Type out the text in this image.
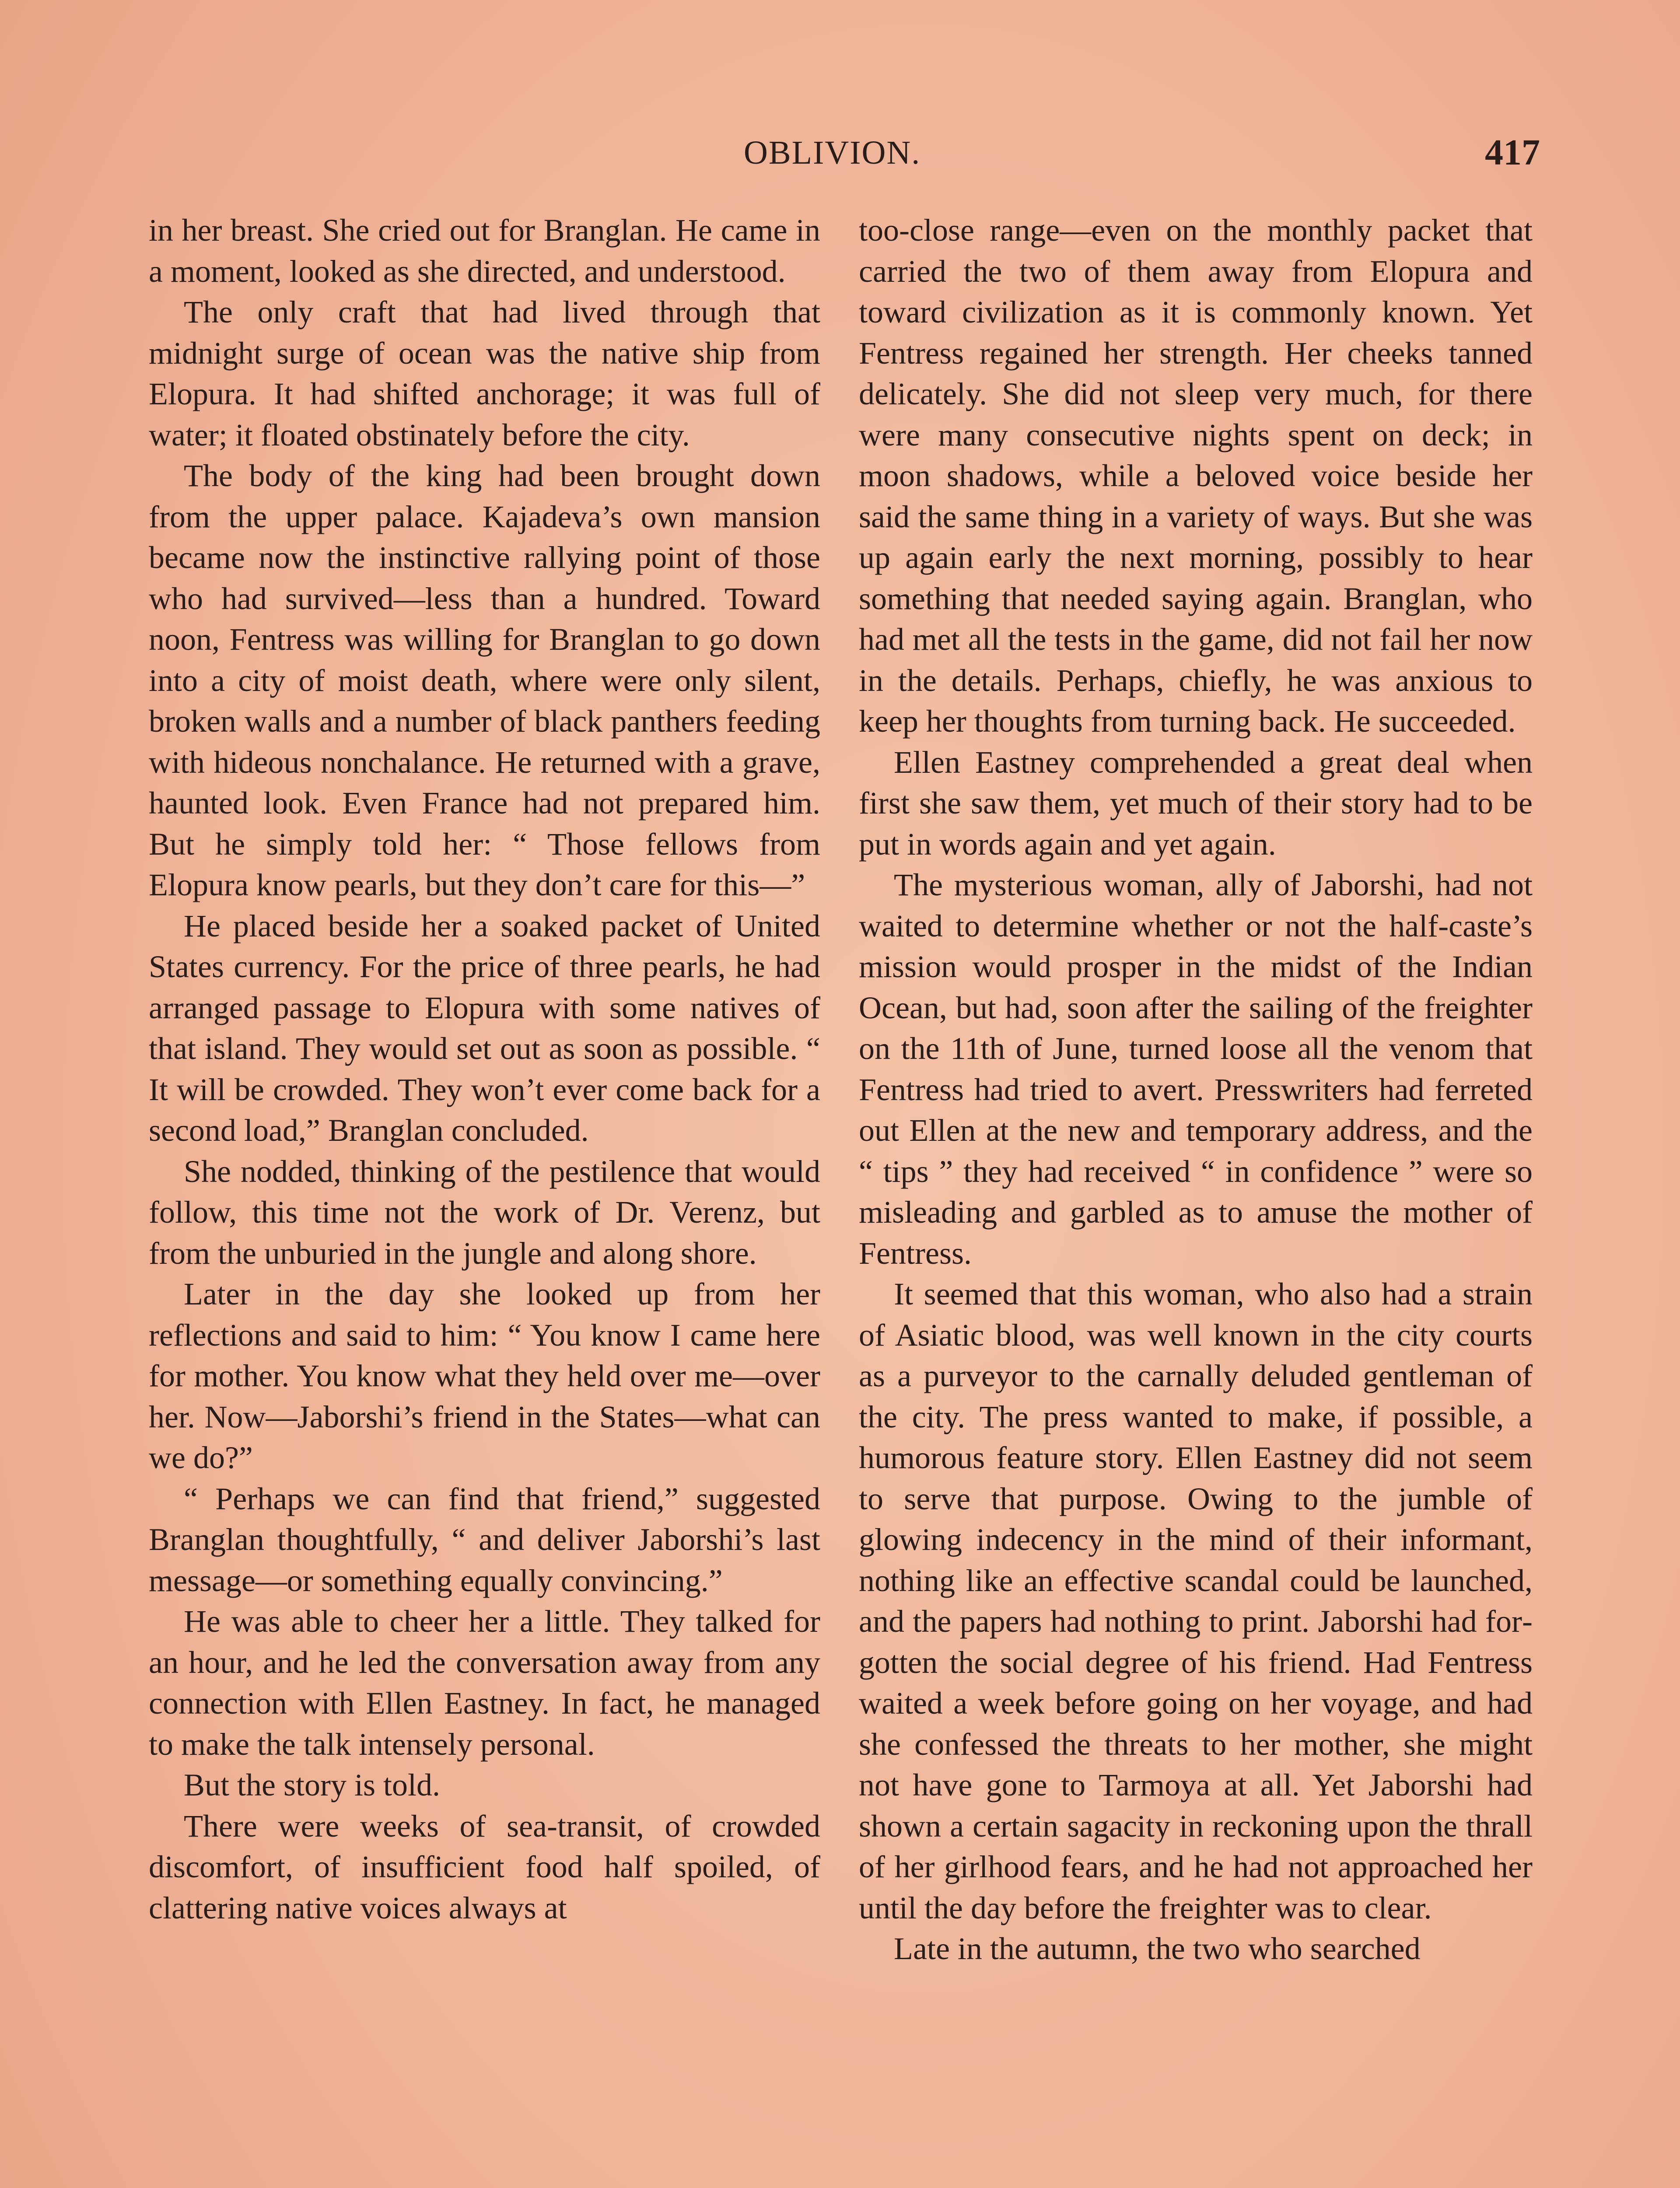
OBLIVION.	417

in her breast. She cried out for Branglan. He came in a moment, looked as she directed, and understood.

The only craft that had lived through that midnight surge of ocean was the native ship from Elopura. It had shifted anchorage; it was full of water; it floated obstinately before the city.

The body of the king had been brought down from the upper palace. Kajadeva’s own mansion became now the instinctive rallying point of those who had survived—less than a hundred. Toward noon, Fentress was willing for Branglan to go down into a city of moist death, where were only silent, broken walls and a number of black panthers feeding with hideous nonchalance. He returned with a grave, haunted look. Even France had not prepared him. But he simply told her: “ Those fellows from Elopura know pearls, but they don’t care for this—”

He placed beside her a soaked packet of United States currency. For the price of three pearls, he had arranged passage to Elopura with some natives of that island. They would set out as soon as possible. “ It will be crowded. They won’t ever come back for a second load,” Branglan concluded.

She nodded, thinking of the pestilence that would follow, this time not the work of Dr. Verenz, but from the unburied in the jungle and along shore.

Later in the day she looked up from her reflections and said to him: “ You know I came here for mother. You know what they held over me—over her. Now—Jaborshi’s friend in the States—what can we do?”

“ Perhaps we can find that friend,” suggested Branglan thoughtfully, “ and deliver Jaborshi’s last message—or something equally convincing.”

He was able to cheer her a little. They talked for an hour, and he led the conversation away from any connection with Ellen Eastney. In fact, he managed to make the talk intensely personal.

But the story is told.

There were weeks of sea-transit, of crowded discomfort, of insufficient food half spoiled, of clattering native voices always at

too-close range—even on the monthly packet that carried the two of them away from Elopura and toward civilization as it is commonly known. Yet Fentress regained her strength. Her cheeks tanned delicately. She did not sleep very much, for there were many consecutive nights spent on deck; in moon shadows, while a beloved voice beside her said the same thing in a variety of ways. But she was up again early the next morning, possibly to hear something that needed saying again. Branglan, who had met all the tests in the game, did not fail her now in the details. Perhaps, chiefly, he was anxious to keep her thoughts from turning back. He succeeded.

Ellen Eastney comprehended a great deal when first she saw them, yet much of their story had to be put in words again and yet again.

The mysterious woman, ally of Jaborshi, had not waited to determine whether or not the half-caste’s mission would prosper in the midst of the Indian Ocean, but had, soon after the sailing of the freighter on the 11th of June, turned loose all the venom that Fentress had tried to avert. Presswriters had ferreted out Ellen at the new and temporary address, and the “ tips ” they had received “ in confidence ” were so misleading and garbled as to amuse the mother of Fentress.

It seemed that this woman, who also had a strain of Asiatic blood, was well known in the city courts as a purveyor to the carnally deluded gentleman of the city. The press wanted to make, if possible, a humorous feature story. Ellen Eastney did not seem to serve that purpose. Owing to the jumble of glowing indecency in the mind of their informant, nothing like an effective scandal could be launched, and the papers had nothing to print. Jaborshi had forgotten the social degree of his friend. Had Fentress waited a week before going on her voyage, and had she confessed the threats to her mother, she might not have gone to Tarmoya at all. Yet Jaborshi had shown a certain sagacity in reckoning upon the thrall of her girlhood fears, and he had not approached her until the day before the freighter was to clear.

Late in the autumn, the two who searched
